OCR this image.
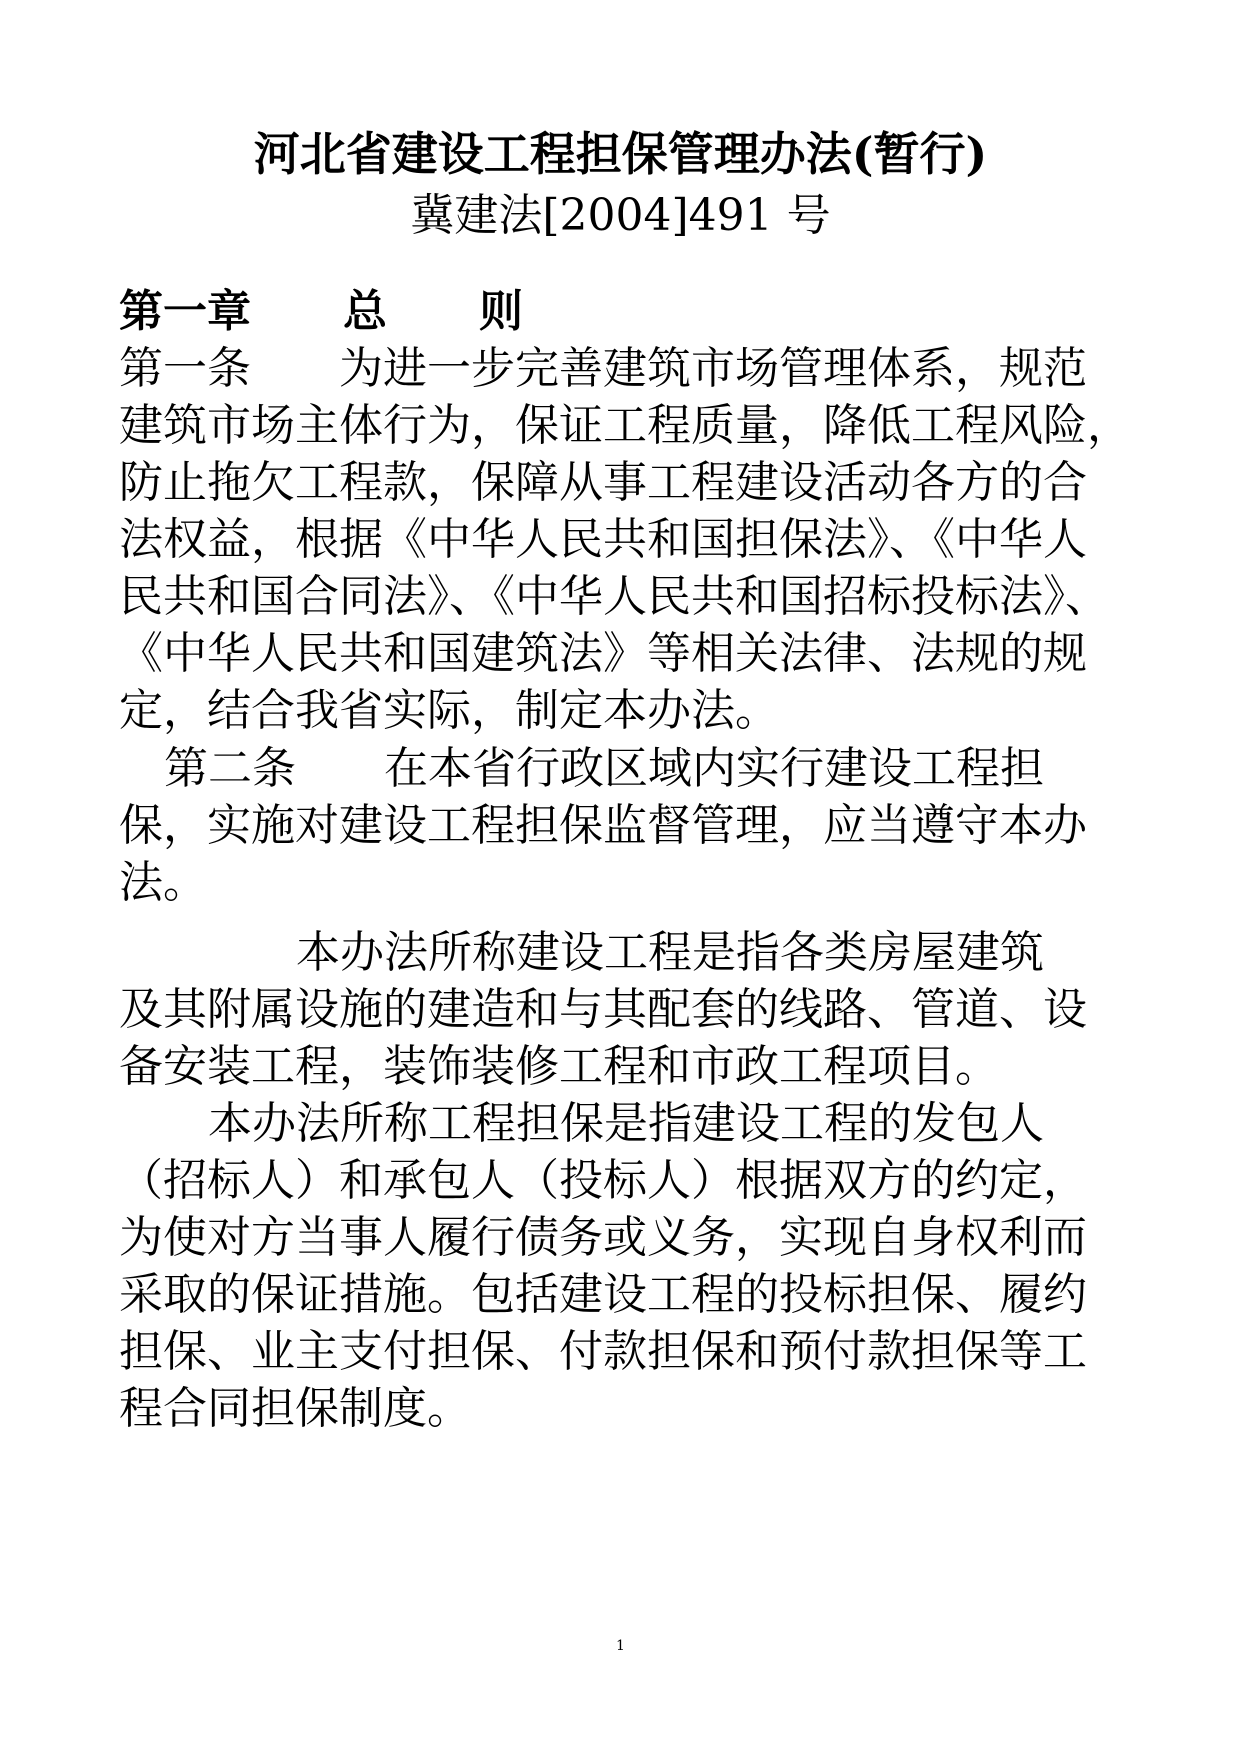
河北省建设工程担保管理办法(暂行)
冀建法[2004]491 号
第一章 总 则
第一条 为进一步完善建筑市场管理体系，规范
建筑市场主体行为，保证工程质量，降低工程风险，
防止拖欠工程款，保障从事工程建设活动各方的合
法权益，根据《中华人民共和国担保法》、《中华人
民共和国合同法》、《中华人民共和国招标投标法》、
《中华人民共和国建筑法》等相关法律、法规的规
定，结合我省实际，制定本办法。
第二条 在本省行政区域内实行建设工程担
保，实施对建设工程担保监督管理，应当遵守本办
法。
本办法所称建设工程是指各类房屋建筑
及其附属设施的建造和与其配套的线路、管道、设
备安装工程，装饰装修工程和市政工程项目。
本办法所称工程担保是指建设工程的发包人
（招标人）和承包人（投标人）根据双方的约定，
为使对方当事人履行债务或义务，实现自身权利而
采取的保证措施。包括建设工程的投标担保、履约
担保、业主支付担保、付款担保和预付款担保等工
程合同担保制度。
1
